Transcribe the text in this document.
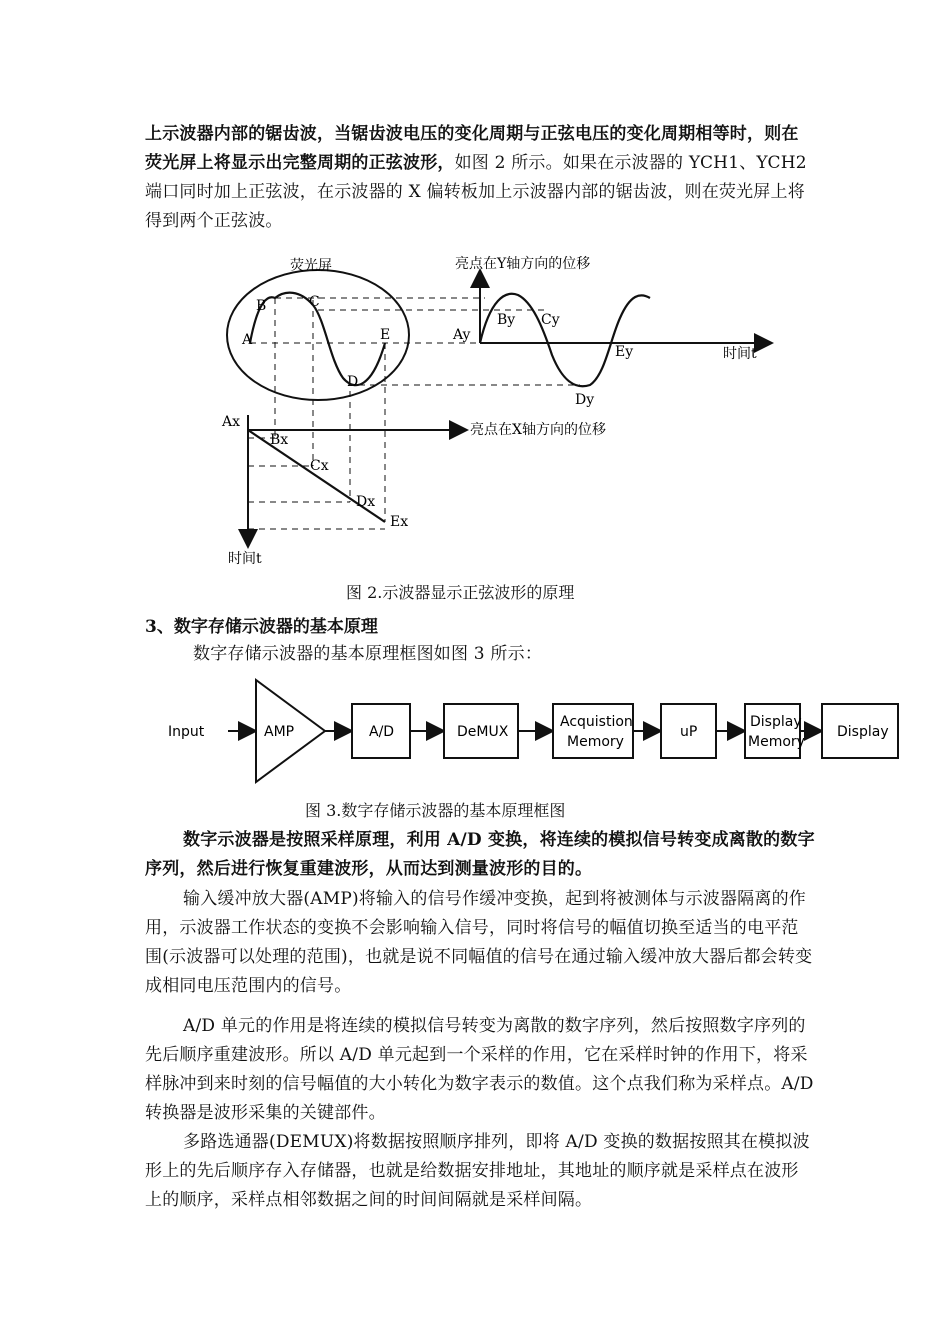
上示波器内部的锯齿波，当锯齿波电压的变化周期与正弦电压的变化周期相等时，则在荧光屏上将显示出完整周期的正弦波形，如图 2 所示。如果在示波器的 YCH1、YCH2 端口同时加上正弦波，在示波器的 X 偏转板加上示波器内部的锯齿波，则在荧光屏上将得到两个正弦波。

荧光屏
A
B	C
D
E
亮点在Y轴方向的位移
时间t
Ay
By Cy
Dy
Ey
亮点在X轴方向的位移
时间t
Ax
Bx
Cx
Dx
Ex

图 2.示波器显示正弦波形的原理

3、数字存储示波器的基本原理

数字存储示波器的基本原理框图如图 3 所示：

Input	AMP	A/D	DeMUX
Acquistion
Memory
uP
Display
Memory
Display

图 3.数字存储示波器的基本原理框图

数字示波器是按照采样原理，利用 A/D 变换，将连续的模拟信号转变成离散的数字序列，然后进行恢复重建波形，从而达到测量波形的目的。

输入缓冲放大器(AMP)将输入的信号作缓冲变换，起到将被测体与示波器隔离的作用，示波器工作状态的变换不会影响输入信号，同时将信号的幅值切换至适当的电平范围(示波器可以处理的范围)，也就是说不同幅值的信号在通过输入缓冲放大器后都会转变成相同电压范围内的信号。

A/D 单元的作用是将连续的模拟信号转变为离散的数字序列，然后按照数字序列的先后顺序重建波形。所以 A/D 单元起到一个采样的作用，它在采样时钟的作用下，将采样脉冲到来时刻的信号幅值的大小转化为数字表示的数值。这个点我们称为采样点。A/D 转换器是波形采集的关键部件。

多路选通器(DEMUX)将数据按照顺序排列，即将 A/D 变换的数据按照其在模拟波形上的先后顺序存入存储器，也就是给数据安排地址，其地址的顺序就是采样点在波形上的顺序，采样点相邻数据之间的时间间隔就是采样间隔。
